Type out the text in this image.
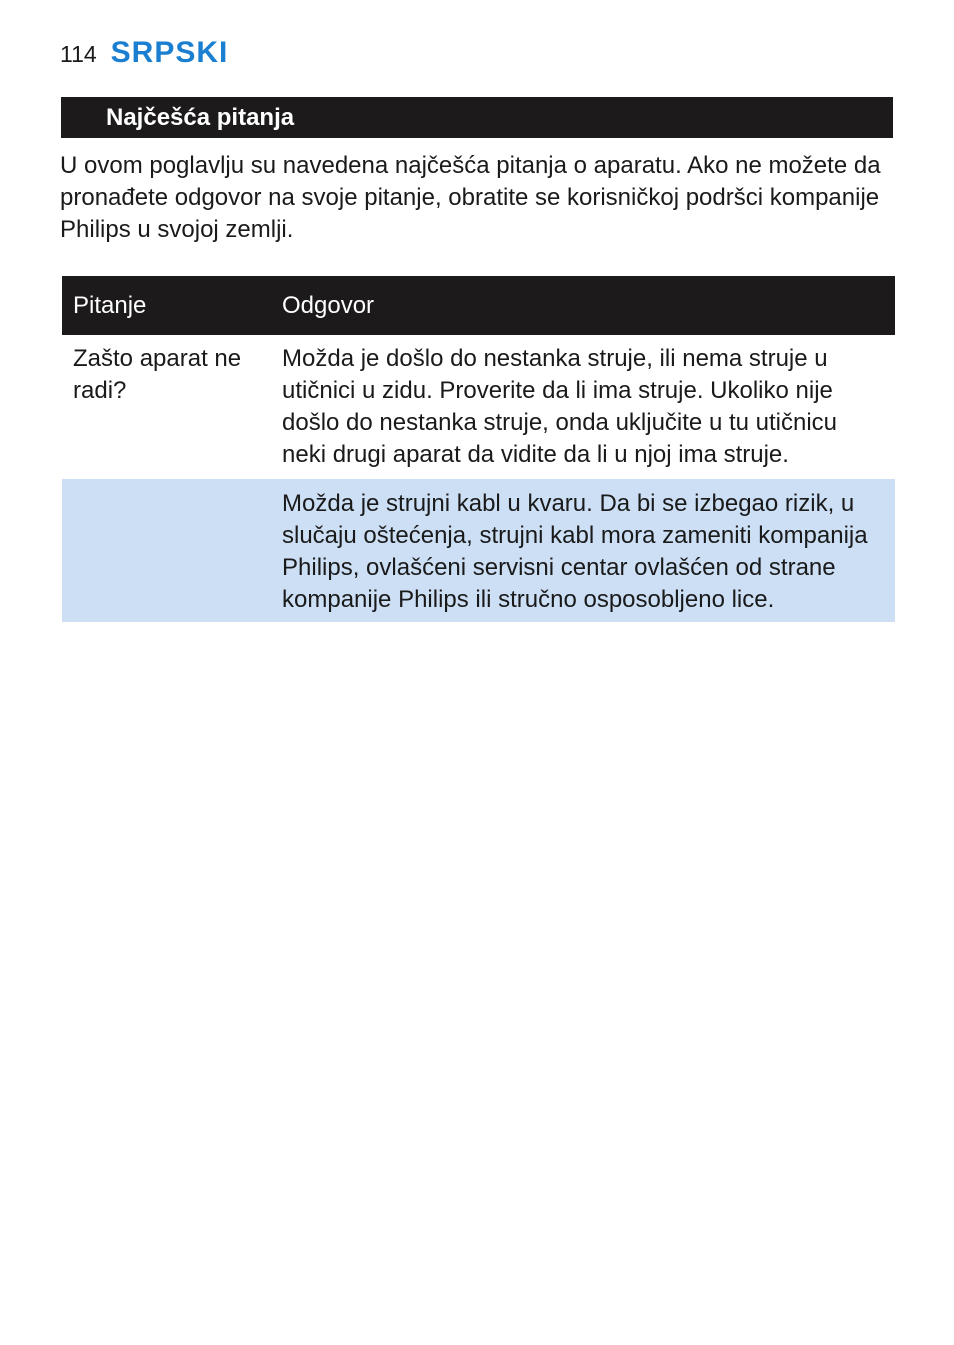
114 SRPSKI
Najčešća pitanja

U ovom poglavlju su navedena najčešća pitanja o aparatu. Ako ne možete da pronađete odgovor na svoje pitanje, obratite se korisničkoj podršci kompanije Philips u svojoj zemlji.

Pitanje	Odgovor
Zašto aparat ne radi?	Možda je došlo do nestanka struje, ili nema struje u utičnici u zidu. Proverite da li ima struje. Ukoliko nije došlo do nestanka struje, onda uključite u tu utičnicu neki drugi aparat da vidite da li u njoj ima struje.
	Možda je strujni kabl u kvaru. Da bi se izbegao rizik, u slučaju oštećenja, strujni kabl mora zameniti kompanija Philips, ovlašćeni servisni centar ovlašćen od strane kompanije Philips ili stručno osposobljeno lice.
